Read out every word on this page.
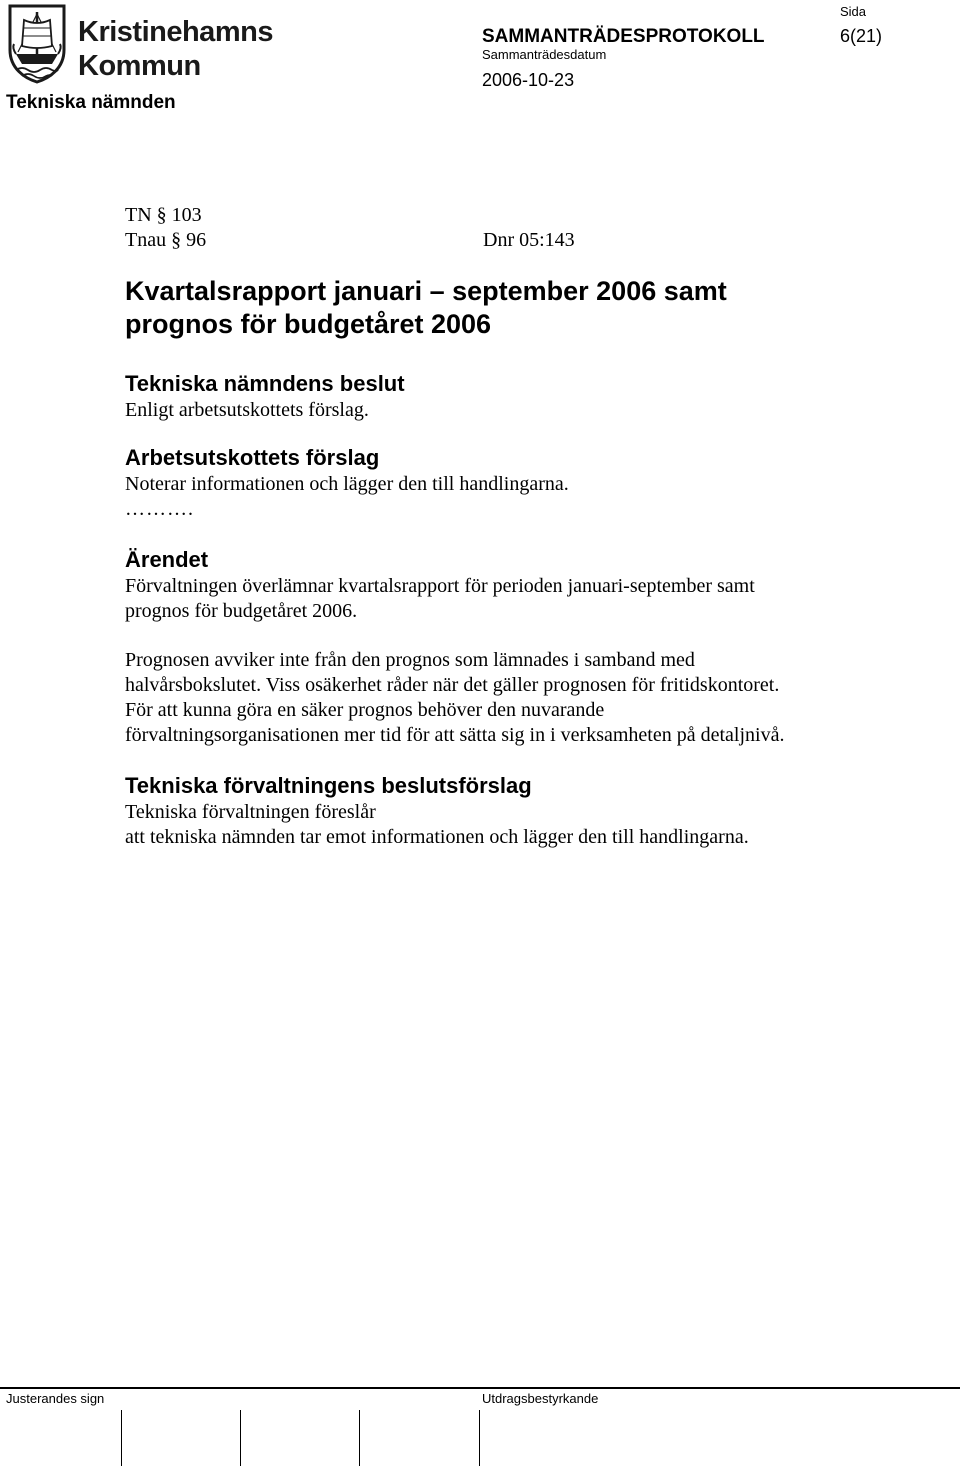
Kristinehamns
Kommun
Tekniska nämnden
SAMMANTRÄDESPROTOKOLL
Sammanträdesdatum
2006-10-23
Sida
6(21)
TN § 103
Tnau § 96	Dnr 05:143
Kvartalsrapport januari – september 2006 samt prognos för budgetåret 2006
Tekniska nämndens beslut

Enligt arbetsutskottets förslag.

Arbetsutskottets förslag

Noterar informationen och lägger den till handlingarna.

……….
Ärendet

Förvaltningen överlämnar kvartalsrapport för perioden januari-september samt prognos för budgetåret 2006.

Prognosen avviker inte från den prognos som lämnades i samband med halvårsbokslutet. Viss osäkerhet råder när det gäller prognosen för fritidskontoret. För att kunna göra en säker prognos behöver den nuvarande förvaltningsorganisationen mer tid för att sätta sig in i verksamheten på detaljnivå.

Tekniska förvaltningens beslutsförslag

Tekniska förvaltningen föreslår

att tekniska nämnden tar emot informationen och lägger den till handlingarna.

Justerandes sign	Utdragsbestyrkande
